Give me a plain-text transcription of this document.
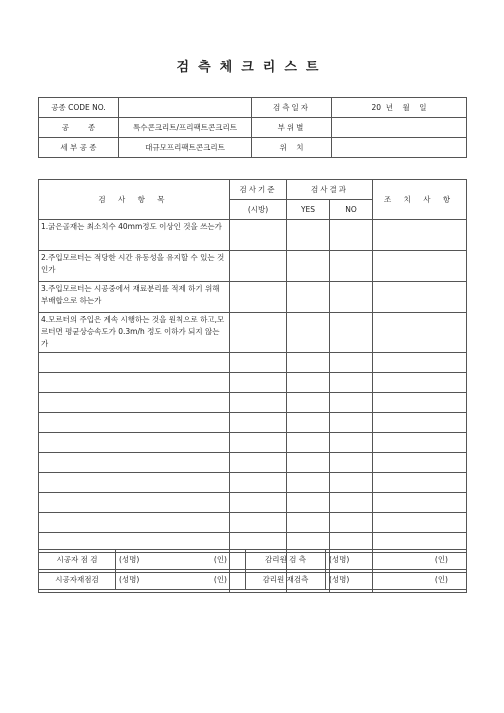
검측체크리스트
공종 CODE NO.		검측일자	20  년    월    일
공        종	특수콘크리트/프리팩트콘크리트	부위별	
세 부 공 종	대규모프리팩트콘크리트	위    치	
검 사 항 목	검사기준	검사결과		조 치 사 항
	(시방)	YES	NO	
1.굵은골재는 최소치수 40mm정도 이상인 것을 쓰는가				
2.주입모르터는 적당한 시간 유동성을 유지할 수 있는 것인가				
3.주입모르터는 시공중에서 재료분리를 적제 하기 위해 부배합으로 하는가				
4.모르터의 주입은 계속 시행하는 것을 원칙으로 하고,모르터면 평균상승속도가 0.3m/h 정도 이하가 되지 않는가				

시공자 점 검	(성명) (인)	감리원 검 측	(성명) (인)

시공자재점검	(성명) (인)	감리원 재검측	(성명) (인)
